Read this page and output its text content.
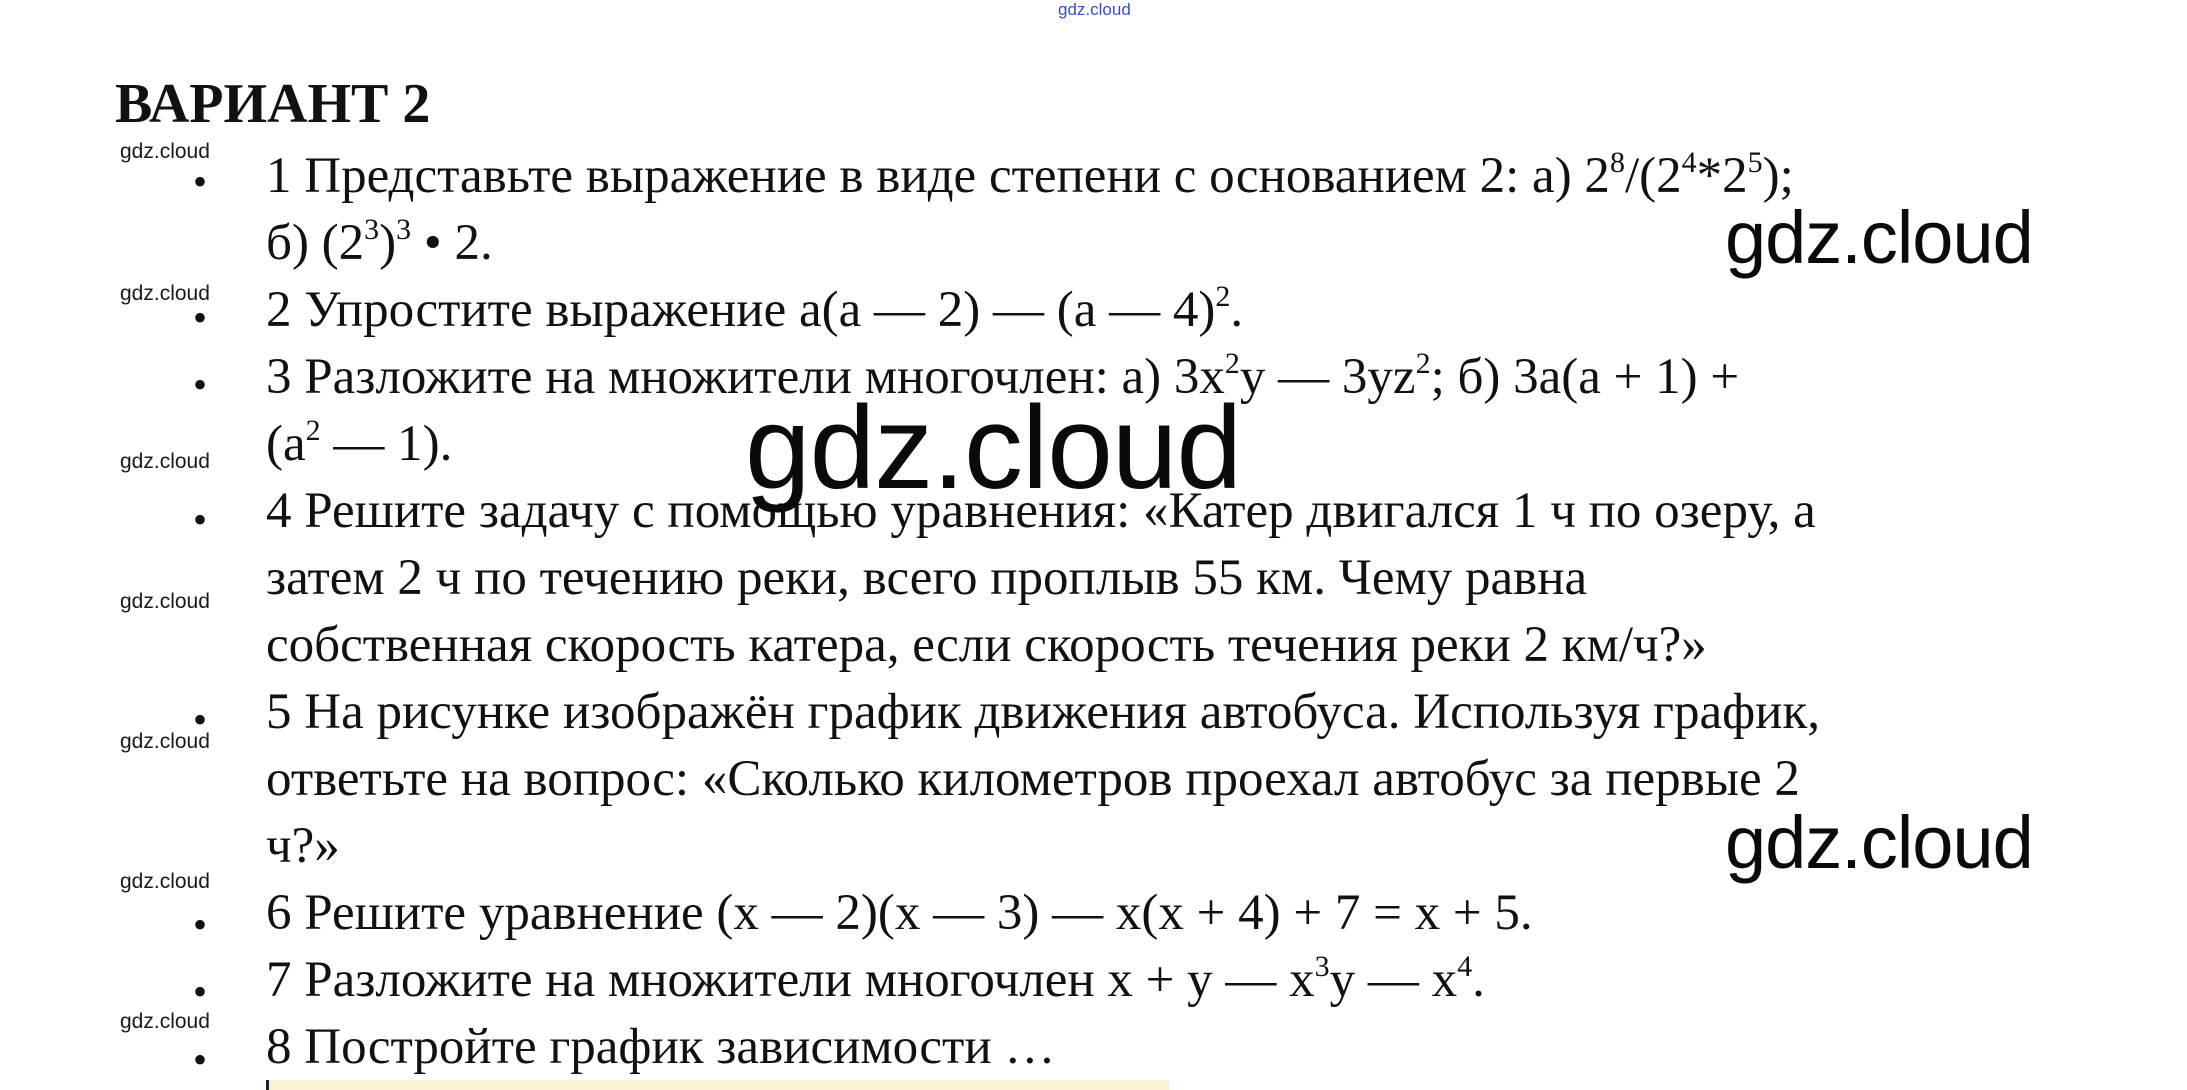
gdz.cloud
ВАРИАНТ 2
gdz.cloud
gdz.cloud
gdz.cloud
gdz.cloud
gdz.cloud
gdz.cloud
gdz.cloud
•
•
•
•
•
•
•
•
1 Представьте выражение в виде степени с основанием 2: а) $2^8/(2^4*2^5)$;
б) $(2^3)^3$ • 2.
2 Упростите выражение а(а — 2) — (а — 4)$^2$.
3 Разложите на множители многочлен: а) $3х^2у$ — $3уz^2$; б) 3а(а + 1) +
($a^2$ — 1).
4 Решите задачу с помощью уравнения: «Катер двигался 1 ч по озеру, а
затем 2 ч по течению реки, всего проплыв 55 км. Чему равна
собственная скорость катера, если скорость течения реки 2 км/ч?»
5 На рисунке изображён график движения автобуса. Используя график,
ответьте на вопрос: «Сколько километров проехал автобус за первые 2
ч?»
6 Решите уравнение (х — 2)(х — 3) — х(х + 4) + 7 = х + 5.
7 Разложите на множители многочлен х + у — $х^3у$ — $х^4$.
8 Постройте график зависимости …
gdz.cloud
gdz.cloud
gdz.cloud
